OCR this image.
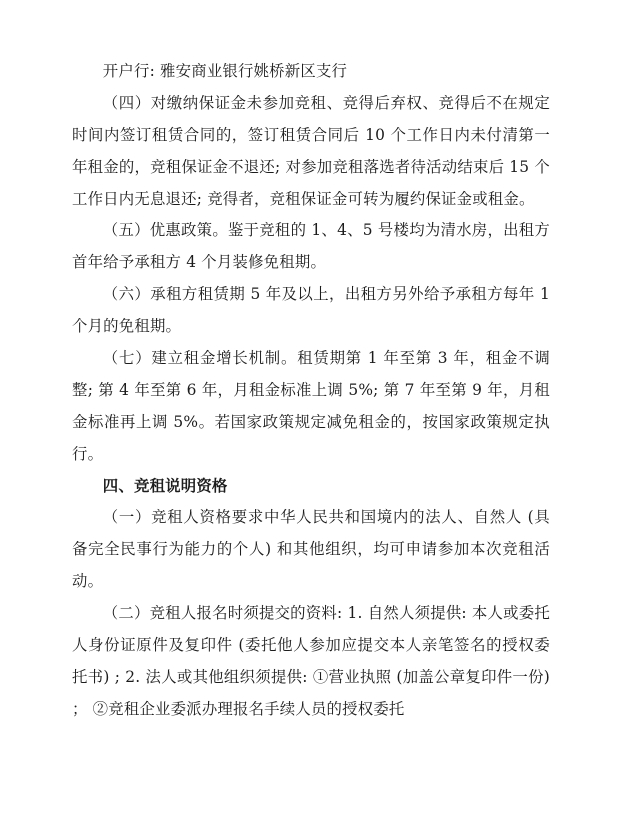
开户行: 雅安商业银行姚桥新区支行

（四）对缴纳保证金未参加竞租、竞得后弃权、竞得后不在规定时间内签订租赁合同的，签订租赁合同后 10 个工作日内未付清第一年租金的，竞租保证金不退还; 对参加竞租落选者待活动结束后 15 个工作日内无息退还; 竞得者，竞租保证金可转为履约保证金或租金。

（五）优惠政策。鉴于竞租的 1、4、5 号楼均为清水房，出租方首年给予承租方 4 个月装修免租期。

（六）承租方租赁期 5 年及以上，出租方另外给予承租方每年 1 个月的免租期。

（七）建立租金增长机制。租赁期第 1 年至第 3 年，租金不调整; 第 4 年至第 6 年，月租金标准上调 5%; 第 7 年至第 9 年，月租金标准再上调 5%。若国家政策规定减免租金的，按国家政策规定执行。

四、竞租说明资格

（一）竞租人资格要求中华人民共和国境内的法人、自然人 (具备完全民事行为能力的个人) 和其他组织，均可申请参加本次竞租活动。

（二）竞租人报名时须提交的资料: 1. 自然人须提供: 本人或委托人身份证原件及复印件 (委托他人参加应提交本人亲笔签名的授权委托书) ; 2. 法人或其他组织须提供: ①营业执照 (加盖公章复印件一份) ； ②竞租企业委派办理报名手续人员的授权委托
